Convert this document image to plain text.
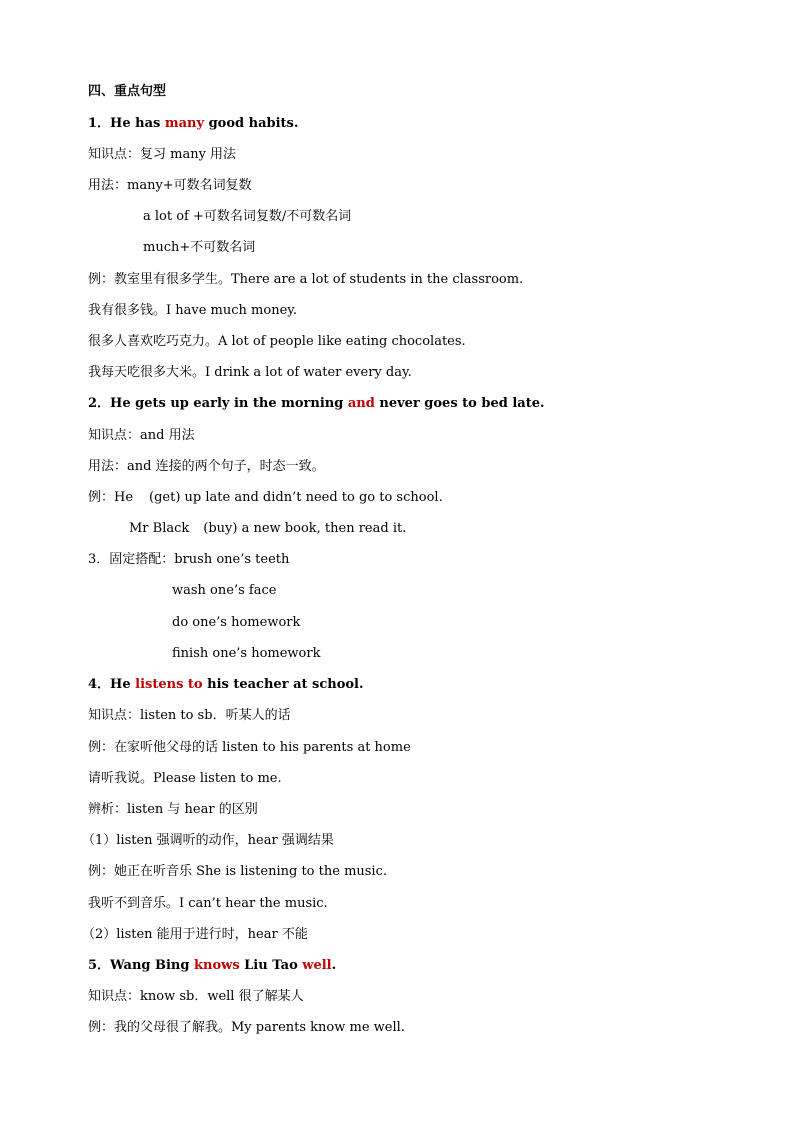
四、重点句型
1．He has many good habits.
知识点：复习 many 用法
用法：many+可数名词复数
a lot of +可数名词复数/不可数名词
much+不可数名词
例：教室里有很多学生。There are a lot of students in the classroom.
我有很多钱。I have much money.
很多人喜欢吃巧克力。A lot of people like eating chocolates.
我每天吃很多大米。I drink a lot of water every day.
2．He gets up early in the morning and never goes to bed late.
知识点：and 用法
用法：and 连接的两个句子，时态一致。
例：He (get) up late and didn’t need to go to school.
Mr Black (buy) a new book, then read it.
3．固定搭配：brush one’s teeth
wash one’s face
do one’s homework
finish one’s homework
4．He listens to his teacher at school.
知识点：listen to sb．听某人的话
例：在家听他父母的话 listen to his parents at home
请听我说。Please listen to me.
辨析：listen 与 hear 的区别
（1）listen 强调听的动作，hear 强调结果
例：她正在听音乐 She is listening to the music.
我听不到音乐。I can’t hear the music.
（2）listen 能用于进行时，hear 不能
5．Wang Bing knows Liu Tao well.
知识点：know sb．well 很了解某人
例：我的父母很了解我。My parents know me well.
